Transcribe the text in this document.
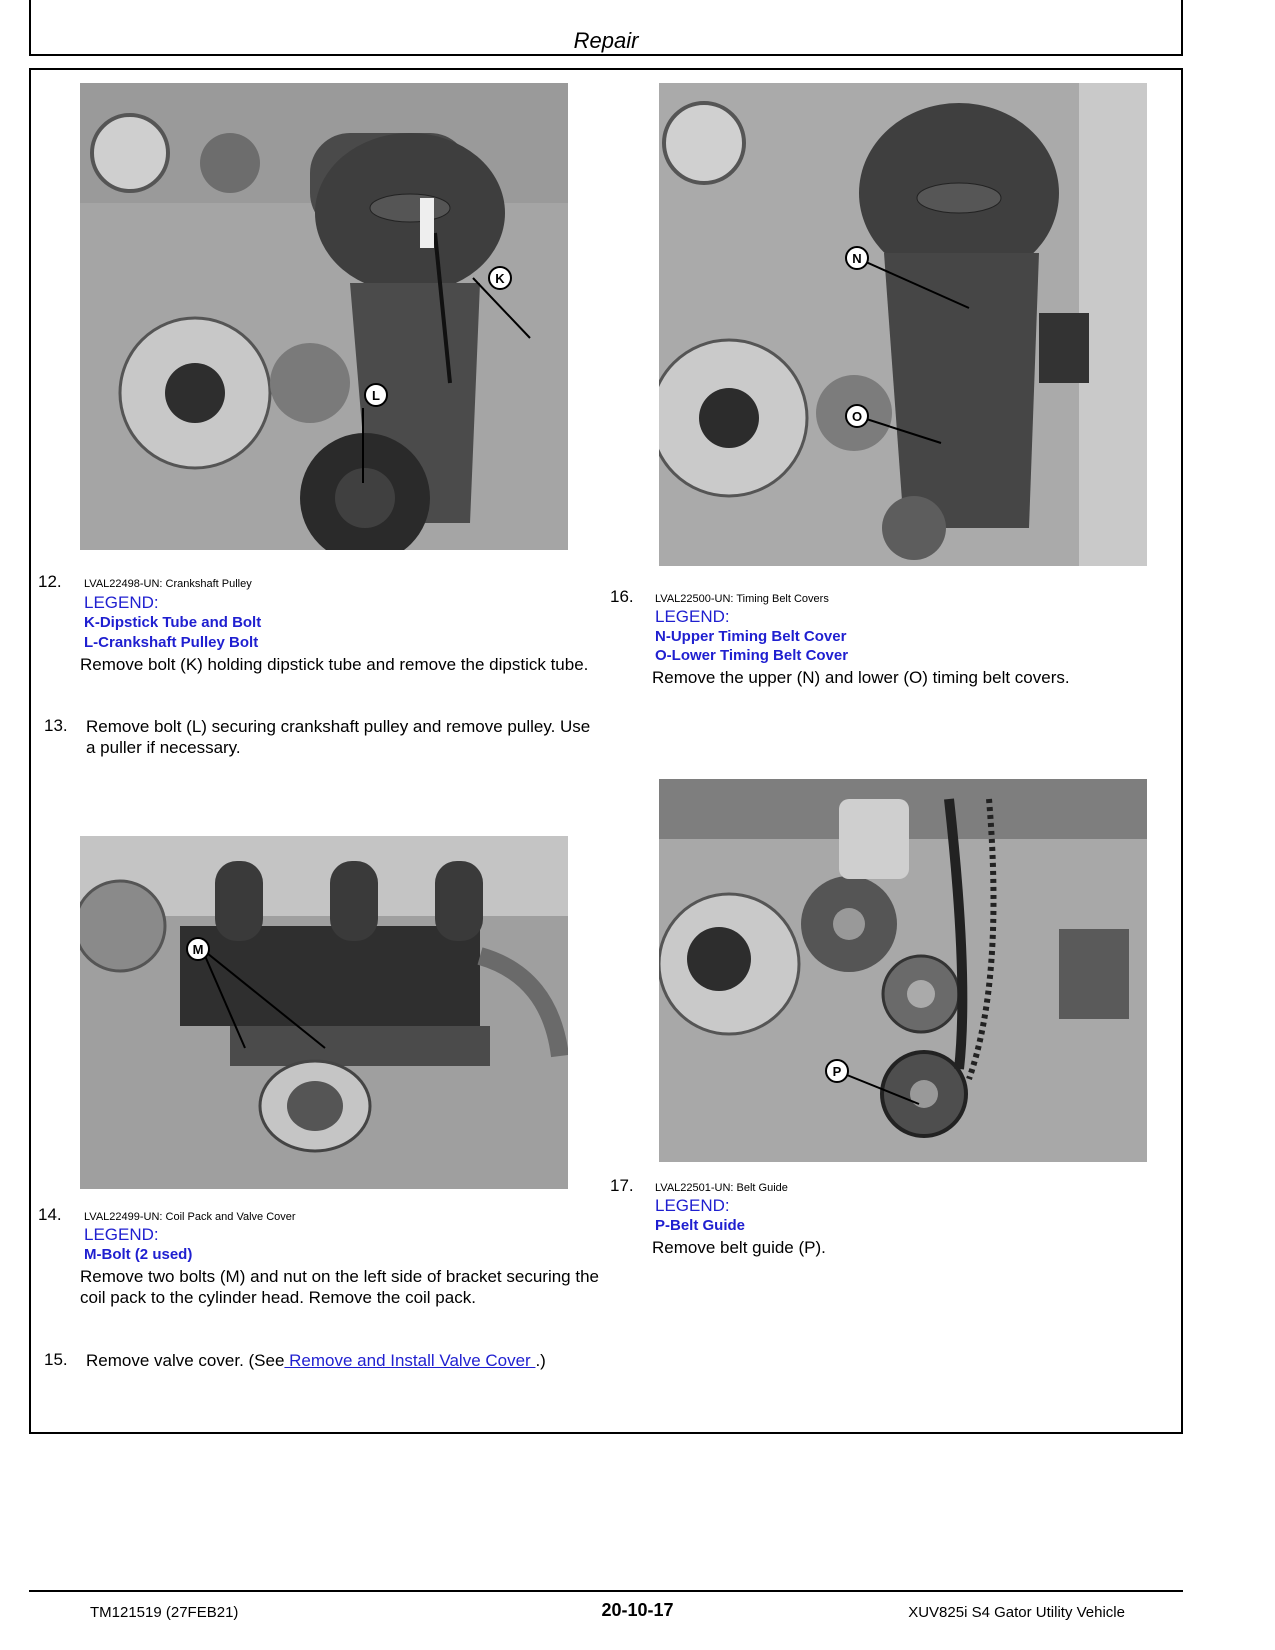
Repair
K
L
N
O
M
P
12. LVAL22498-UN: Crankshaft Pulley
LEGEND:
K-Dipstick Tube and Bolt
L-Crankshaft Pulley Bolt
Remove bolt (K) holding dipstick tube and remove the dipstick tube.
13. Remove bolt (L) securing crankshaft pulley and remove pulley. Use a puller if necessary.
16. LVAL22500-UN: Timing Belt Covers
LEGEND:
N-Upper Timing Belt Cover
O-Lower Timing Belt Cover
Remove the upper (N) and lower (O) timing belt covers.
14. LVAL22499-UN: Coil Pack and Valve Cover
LEGEND:
M-Bolt (2 used)
Remove two bolts (M) and nut on the left side of bracket securing the coil pack to the cylinder head. Remove the coil pack.
15. Remove valve cover. (See Remove and Install Valve Cover .)
17. LVAL22501-UN: Belt Guide
LEGEND:
P-Belt Guide
Remove belt guide (P).
TM121519 (27FEB21)	20-10-17	XUV825i S4 Gator Utility Vehicle
